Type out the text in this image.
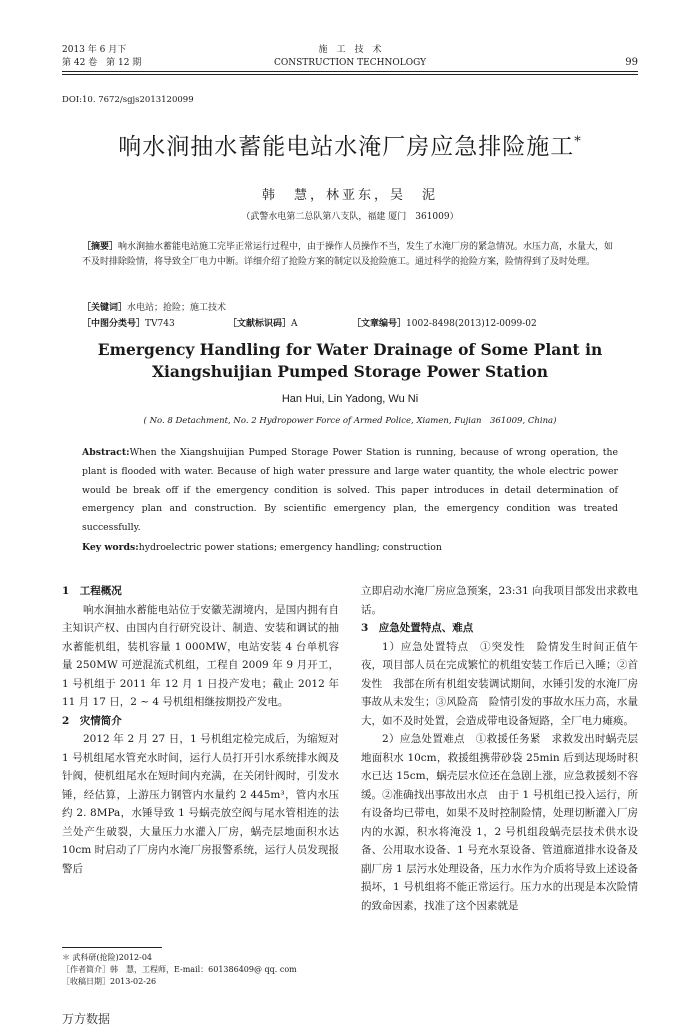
2013 年 6 月下
第 42 卷　第 12 期
施　工　技　术
CONSTRUCTION TECHNOLOGY	99
DOI:10. 7672/sgjs2013120099
响水涧抽水蓄能电站水淹厂房应急排险施工*
韩　慧，林亚东，吴　泥
（武警水电第二总队第八支队，福建 厦门　361009）
［摘要］响水涧抽水蓄能电站施工完毕正常运行过程中，由于操作人员操作不当，发生了水淹厂房的紧急情况。水压力高，水量大，如不及时排除险情，将导致全厂电力中断。详细介绍了抢险方案的制定以及抢险施工。通过科学的抢险方案，险情得到了及时处理。
［关键词］水电站；抢险；施工技术
［中图分类号］TV743	［文献标识码］A	［文章编号］1002-8498(2013)12-0099-02
Emergency Handling for Water Drainage of Some Plant in
Xiangshuijian Pumped Storage Power Station
Han Hui, Lin Yadong, Wu Ni
( No. 8 Detachment, No. 2 Hydropower Force of Armed Police, Xiamen, Fujian　361009, China)
Abstract:When the Xiangshuijian Pumped Storage Power Station is running, because of wrong operation, the plant is flooded with water. Because of high water pressure and large water quantity, the whole electric power would be break off if the emergency condition is solved. This paper introduces in detail determination of emergency plan and construction. By scientific emergency plan, the emergency condition was treated successfully.
Key words:hydroelectric power stations; emergency handling; construction

1　工程概况

响水涧抽水蓄能电站位于安徽芜湖境内，是国内拥有自主知识产权、由国内自行研究设计、制造、安装和调试的抽水蓄能机组，装机容量 1 000MW，电站安装 4 台单机容量 250MW 可逆混流式机组，工程自 2009 年 9 月开工，1 号机组于 2011 年 12 月 1 日投产发电；截止 2012 年 11 月 17 日，2 ~ 4 号机组相继按期投产发电。

2　灾情简介

2012 年 2 月 27 日，1 号机组定检完成后，为缩短对 1 号机组尾水管充水时间，运行人员打开引水系统排水阀及针阀，使机组尾水在短时间内充满，在关闭针阀时，引发水锤，经估算，上游压力钢管内水量约 2 445m³，管内水压约 2. 8MPa，水锤导致 1 号蜗壳放空阀与尾水管相连的法兰处产生破裂，大量压力水灌入厂房，蜗壳层地面积水达 10cm 时启动了厂房内水淹厂房报警系统，运行人员发现报警后

立即启动水淹厂房应急预案，23:31 向我项目部发出求救电话。

3　应急处置特点、难点

1）应急处置特点　①突发性　险情发生时间正值午夜，项目部人员在完成繁忙的机组安装工作后已入睡；②首发性　我部在所有机组安装调试期间，水锤引发的水淹厂房事故从未发生；③风险高　险情引发的事故水压力高，水量大，如不及时处置，会造成带电设备短路，全厂电力瘫痪。

2）应急处置难点　①救援任务紧　求救发出时蜗壳层地面积水 10cm，救援组携带砂袋 25min 后到达现场时积水已达 15cm，蜗壳层水位还在急剧上涨，应急救援刻不容缓。②准确找出事故出水点　由于 1 号机组已投入运行，所有设备均已带电，如果不及时控制险情，处理切断灌入厂房内的水源，积水将淹没 1，2 号机组段蜗壳层技术供水设备、公用取水设备、1 号充水泵设备、管道廊道排水设备及副厂房 1 层污水处理设备，压力水作为介质将导致上述设备损坏，1 号机组将不能正常运行。压力水的出现是本次险情的致命因素，找准了这个因素就是

＊ 武科研(抢险)2012-04
［作者简介］韩　慧，工程师，E-mail：601386409@ qq. com
［收稿日期］2013-02-26
万方数据
